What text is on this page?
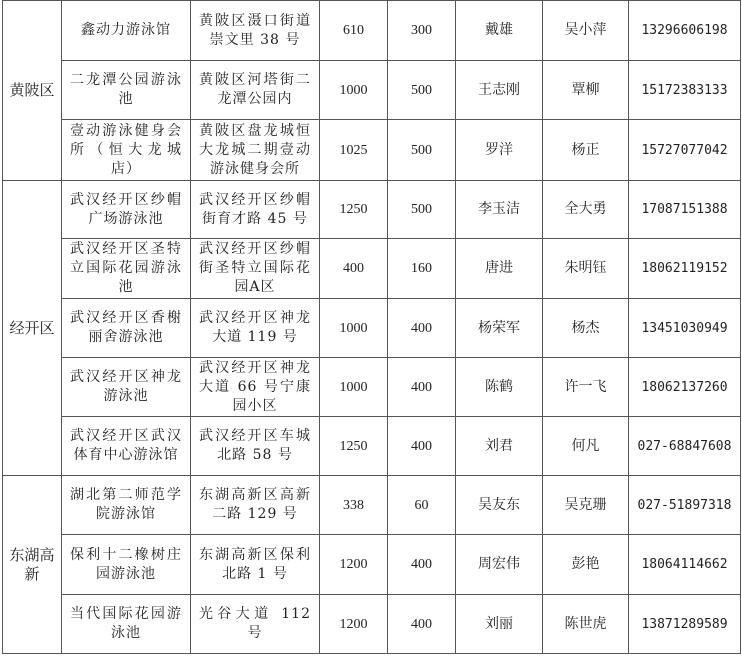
黄陂区	鑫动力游泳馆	黄陂区滠口街道崇文里 38 号	610	300	戴雄	吴小萍	13296606198
	二龙潭公园游泳池	黄陂区河塔街二龙潭公园内	1000	500	王志刚	覃柳	15172383133
	壹动游泳健身会所（恒大龙城店）	黄陂区盘龙城恒大龙城二期壹动游泳健身会所	1025	500	罗洋	杨正	15727077042
经开区	武汉经开区纱帽广场游泳池	武汉经开区纱帽街育才路 45 号	1250	500	李玉洁	全大勇	17087151388
	武汉经开区圣特立国际花园游泳池	武汉经开区纱帽街圣特立国际花园A区	400	160	唐进	朱明钰	18062119152
	武汉经开区香榭丽舍游泳池	武汉经开区神龙大道 119 号	1000	400	杨荣军	杨杰	13451030949
	武汉经开区神龙游泳池	武汉经开区神龙大道 66 号宁康园小区	1000	400	陈鹤	许一飞	18062137260
	武汉经开区武汉体育中心游泳馆	武汉经开区车城北路 58 号	1250	400	刘君	何凡	027-68847608
东湖高新	湖北第二师范学院游泳馆	东湖高新区高新二路 129 号	338	60	吴友东	吴克珊	027-51897318
	保利十二橡树庄园游泳池	东湖高新区保利北路 1 号	1200	400	周宏伟	彭艳	18064114662
	当代国际花园游泳池	光谷大道 112 号	1200	400	刘丽	陈世虎	13871289589
